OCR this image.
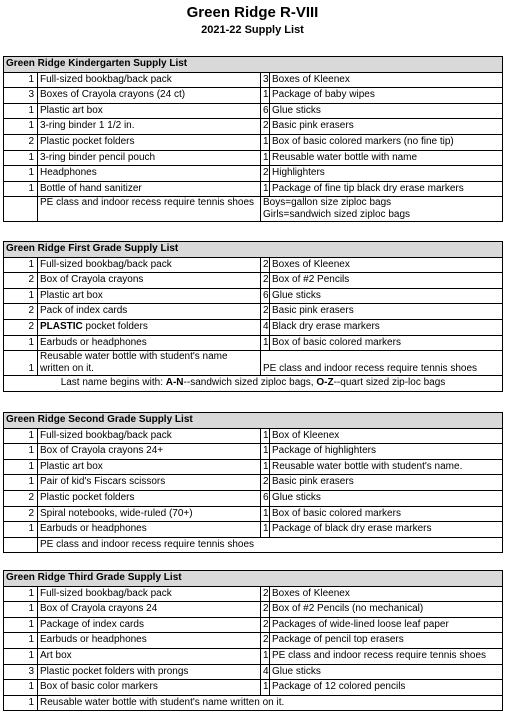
Green Ridge R-VIII
2021-22 Supply List
Green Ridge Kindergarten Supply List			
1	Full-sized bookbag/back pack	3	Boxes of Kleenex
3	Boxes of Crayola crayons (24 ct)	1	Package of baby wipes
1	Plastic art box	6	Glue sticks
1	3-ring binder 1 1/2 in.	2	Basic pink erasers
2	Plastic pocket folders	1	Box of basic colored markers (no fine tip)
1	3-ring binder pencil pouch	1	Reusable water bottle with name
1	Headphones	2	Highlighters
1	Bottle of hand sanitizer	1	Package of fine tip black dry erase markers
	PE class and indoor recess require tennis shoes	Boys=gallon size ziploc bags
Girls=sandwich sized ziploc bags	
Green Ridge First Grade Supply List			
1	Full-sized bookbag/back pack	2	Boxes of Kleenex
2	Box of Crayola crayons	2	Box of #2 Pencils
1	Plastic art box	6	Glue sticks
2	Pack of index cards	2	Basic pink erasers
2	PLASTIC pocket folders	4	Black dry erase markers
1	Earbuds or headphones	1	Box of basic colored markers
1	Reusable water bottle with student's name written on it.	PE class and indoor recess require tennis shoes	
Last name begins with: A-N--sandwich sized ziploc bags, O-Z--quart sized zip-loc bags			
Green Ridge Second Grade Supply List			
1	Full-sized bookbag/back pack	1	Box of Kleenex
1	Box of Crayola crayons 24+	1	Package of highlighters
1	Plastic art box	1	Reusable water bottle with student's name.
1	Pair of kid's Fiscars scissors	2	Basic pink erasers
2	Plastic pocket folders	6	Glue sticks
2	Spiral notebooks, wide-ruled (70+)	1	Box of basic colored markers
1	Earbuds or headphones	1	Package of black dry erase markers
	PE class and indoor recess require tennis shoes		
Green Ridge Third Grade Supply List			
1	Full-sized bookbag/back pack	2	Boxes of Kleenex
1	Box of Crayola crayons 24	2	Box of #2 Pencils (no mechanical)
1	Package of index cards	2	Packages of wide-lined loose leaf paper
1	Earbuds or headphones	2	Package of pencil top erasers
1	Art box	1	PE class and indoor recess require tennis shoes
3	Plastic pocket folders with prongs	4	Glue sticks
1	Box of basic color markers	1	Package of 12 colored pencils
1	Reusable water bottle with student's name written on it.		
